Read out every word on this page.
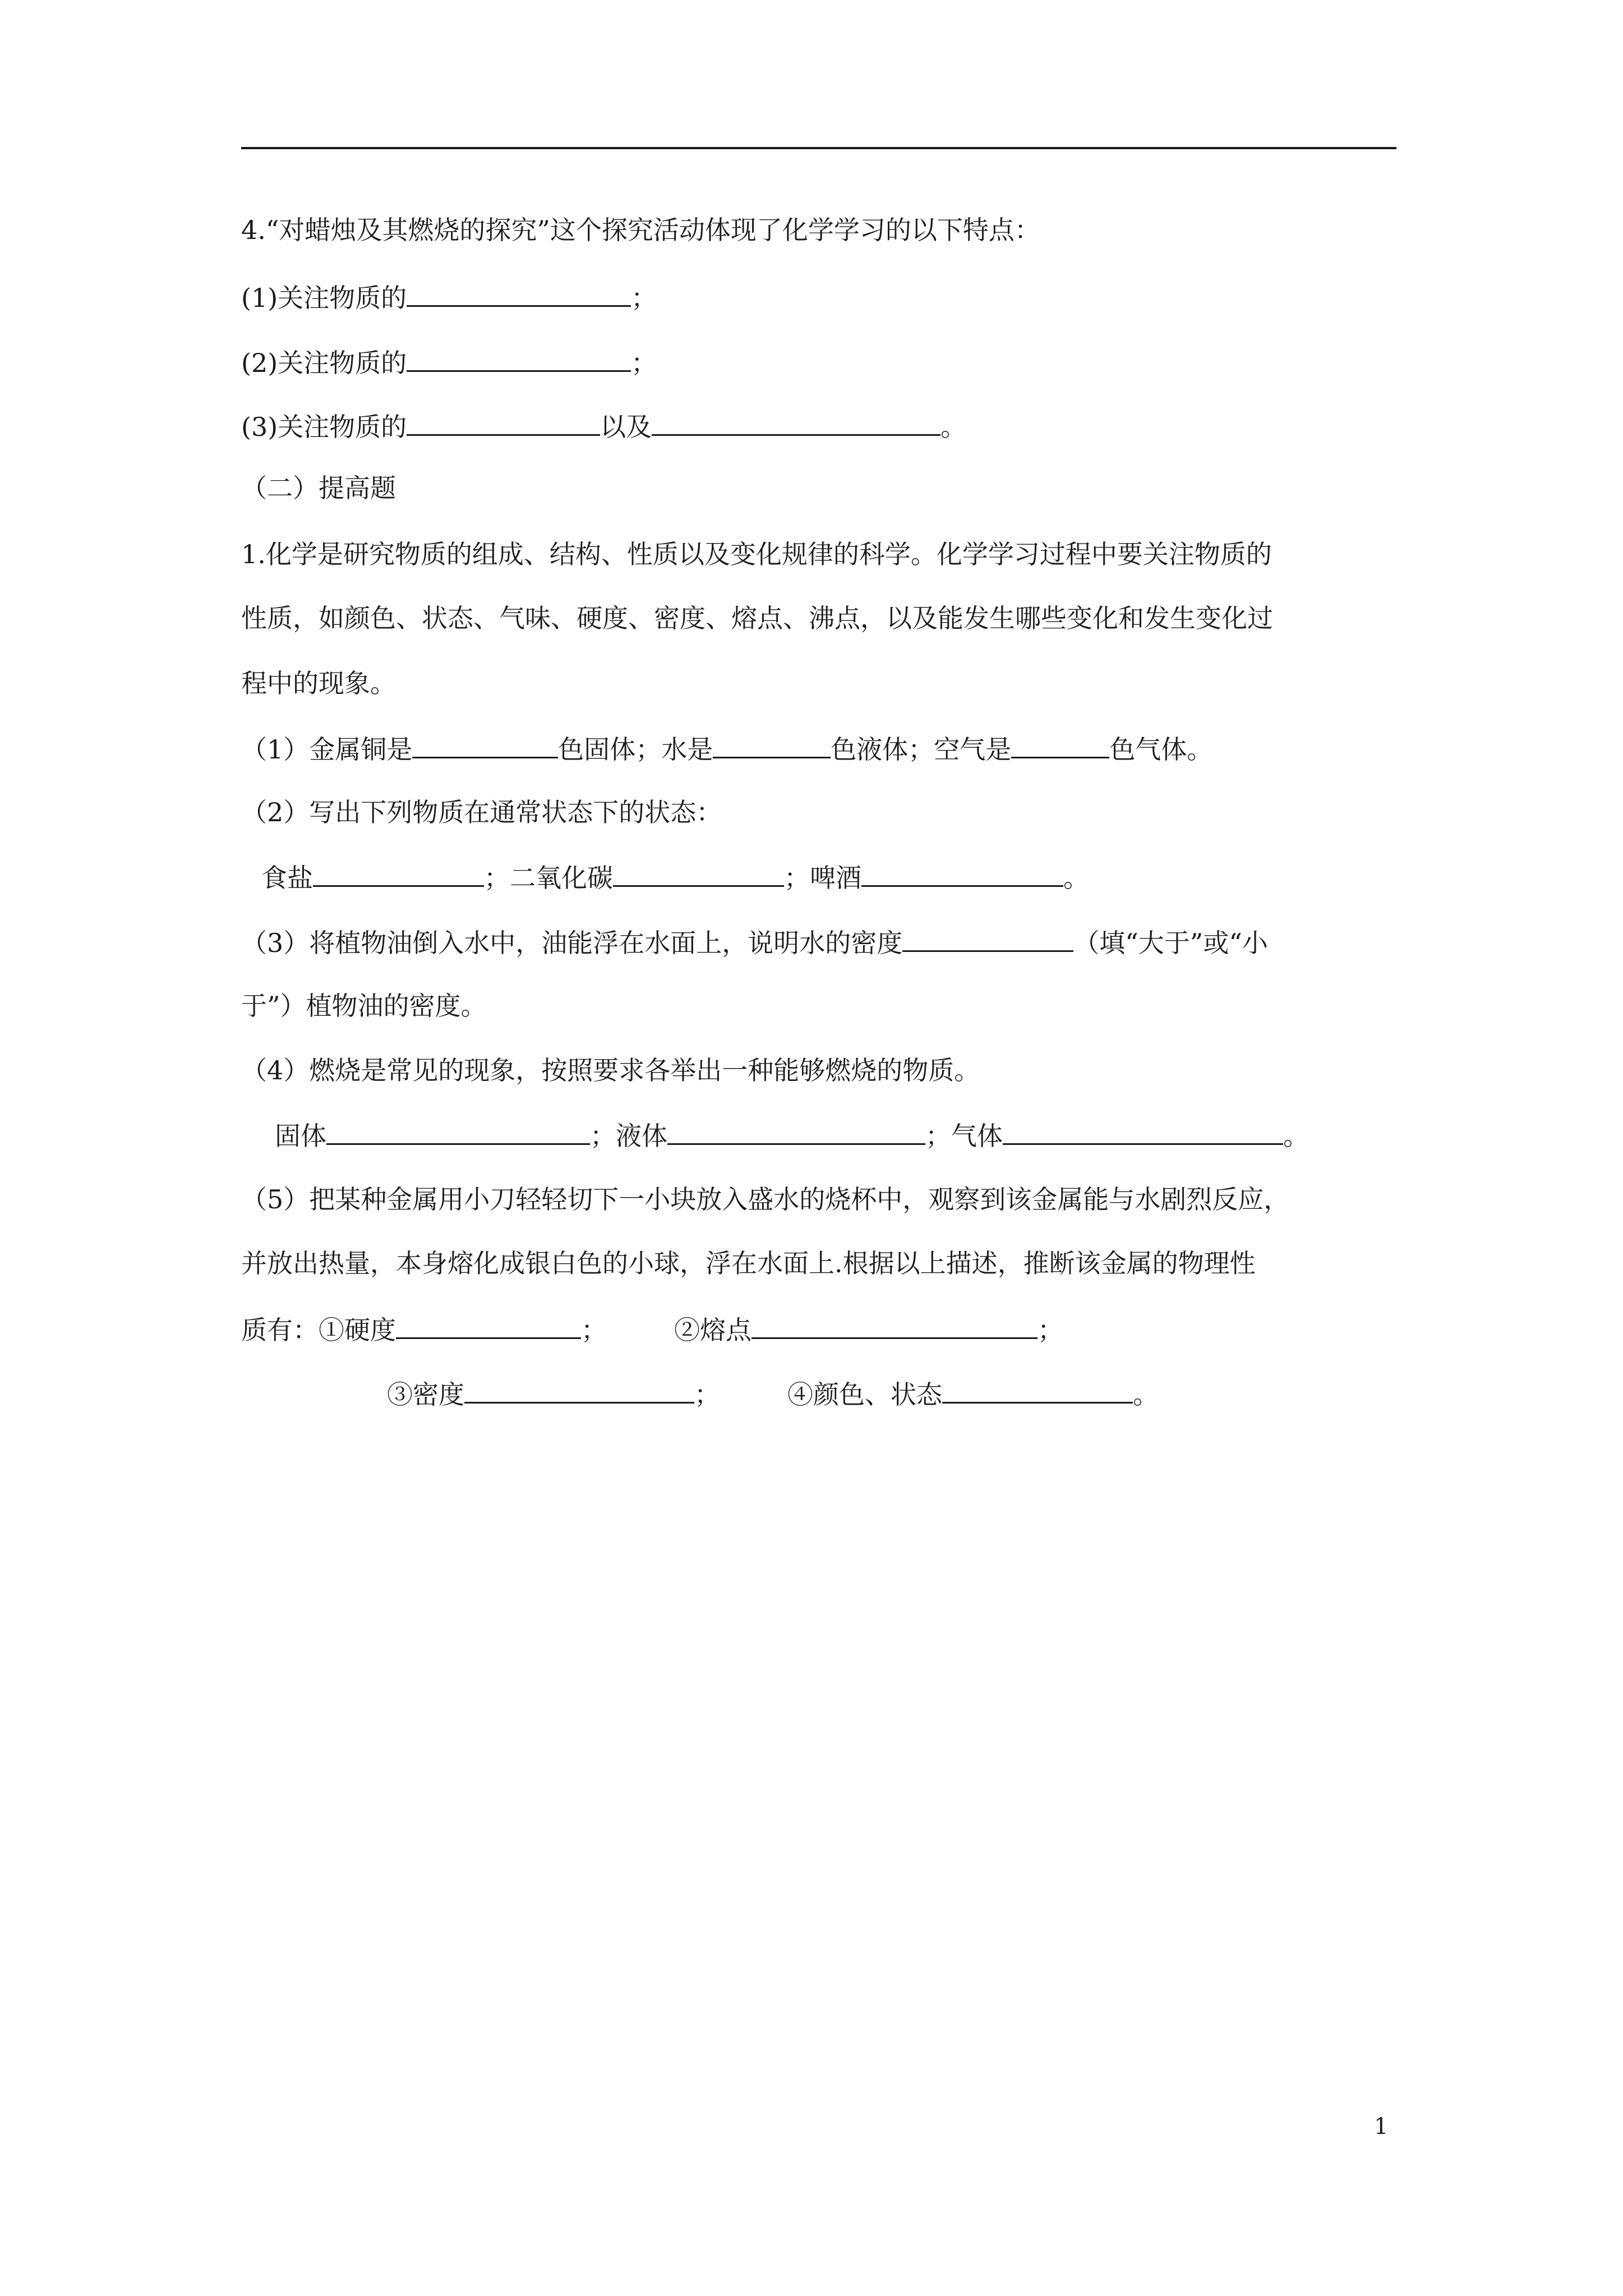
4.“对蜡烛及其燃烧的探究”这个探究活动体现了化学学习的以下特点：
(1)关注物质的	；
(2)关注物质的	；
(3)关注物质的	以及	。
（二）提高题
1.化学是研究物质的组成、结构、性质以及变化规律的科学。化学学习过程中要关注物质的
性质，如颜色、状态、气味、硬度、密度、熔点、沸点，以及能发生哪些变化和发生变化过
程中的现象。
（1）金属铜是	色固体；水是	色液体；空气是	色气体。
（2）写出下列物质在通常状态下的状态：
食盐	；二氧化碳	；啤酒	。
（3）将植物油倒入水中，油能浮在水面上，说明水的密度	（填“大于”或“小
于”）植物油的密度。
（4）燃烧是常见的现象，按照要求各举出一种能够燃烧的物质。
固体	；液体	；气体	。
（5）把某种金属用小刀轻轻切下一小块放入盛水的烧杯中，观察到该金属能与水剧烈反应，
并放出热量，本身熔化成银白色的小球，浮在水面上.根据以上描述，推断该金属的物理性
质有：①硬度	；	②熔点	；
③密度	；	④颜色、状态	。
1
